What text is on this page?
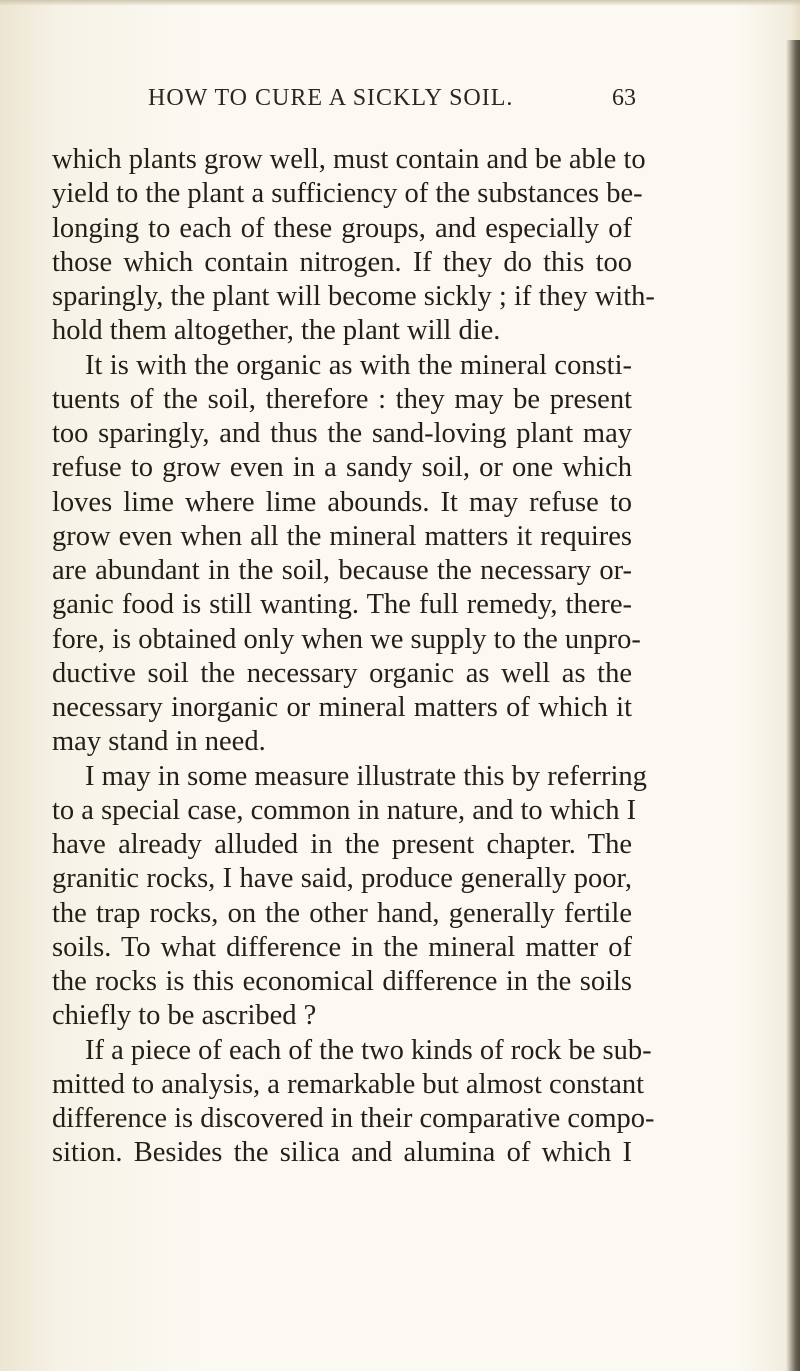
HOW TO CURE A SICKLY SOIL.	63
which plants grow well, must contain and be able to
yield to the plant a sufficiency of the substances be-
longing to each of these groups, and especially of
those which contain nitrogen. If they do this too
sparingly, the plant will become sickly ; if they with-
hold them altogether, the plant will die.
It is with the organic as with the mineral consti-
tuents of the soil, therefore : they may be present
too sparingly, and thus the sand-loving plant may
refuse to grow even in a sandy soil, or one which
loves lime where lime abounds. It may refuse to
grow even when all the mineral matters it requires
are abundant in the soil, because the necessary or-
ganic food is still wanting. The full remedy, there-
fore, is obtained only when we supply to the unpro-
ductive soil the necessary organic as well as the
necessary inorganic or mineral matters of which it
may stand in need.
I may in some measure illustrate this by referring
to a special case, common in nature, and to which I
have already alluded in the present chapter. The
granitic rocks, I have said, produce generally poor,
the trap rocks, on the other hand, generally fertile
soils. To what difference in the mineral matter of
the rocks is this economical difference in the soils
chiefly to be ascribed ?
If a piece of each of the two kinds of rock be sub-
mitted to analysis, a remarkable but almost constant
difference is discovered in their comparative compo-
sition. Besides the silica and alumina of which I
